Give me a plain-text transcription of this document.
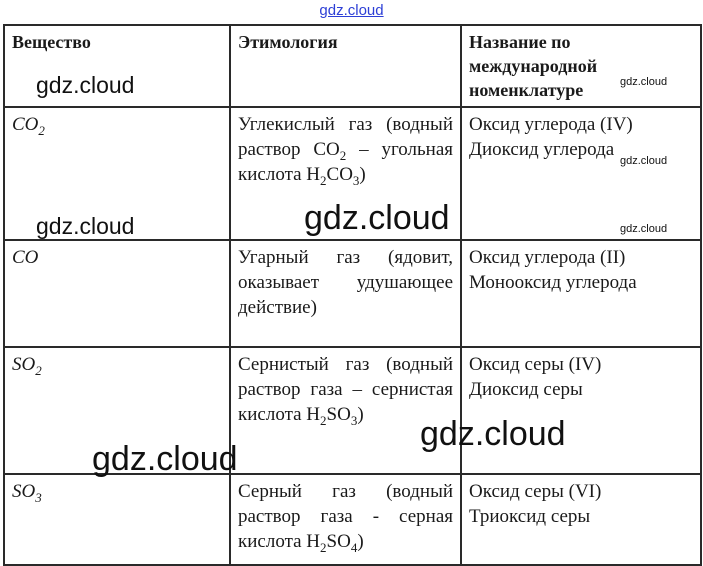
gdz.cloud
Вещество	Этимология	Название по международной номенклатуре
$CO_2$	Углекислый газ (водный раствор $CO_2$ – угольная кислота $H_2CO_3$)	Оксид углерода (IV)
Диоксид углерода

CO	Угарный газ (ядовит, оказывает удушающее действие)	Оксид углерода (II)
Монооксид углерода

$SO_2$	Сернистый газ (водный раствор газа – сернистая кислота $H_2SO_3$)	Оксид серы (IV)
Диоксид серы

$SO_3$	Серный газ (водный раствор газа - серная кислота $H_2SO_4$)	Оксид серы (VI)
Триоксид серы
gdz.cloud	gdz.cloud
gdz.cloud
gdz.cloud	gdz.cloud	gdz.cloud
gdz.cloud
gdz.cloud
